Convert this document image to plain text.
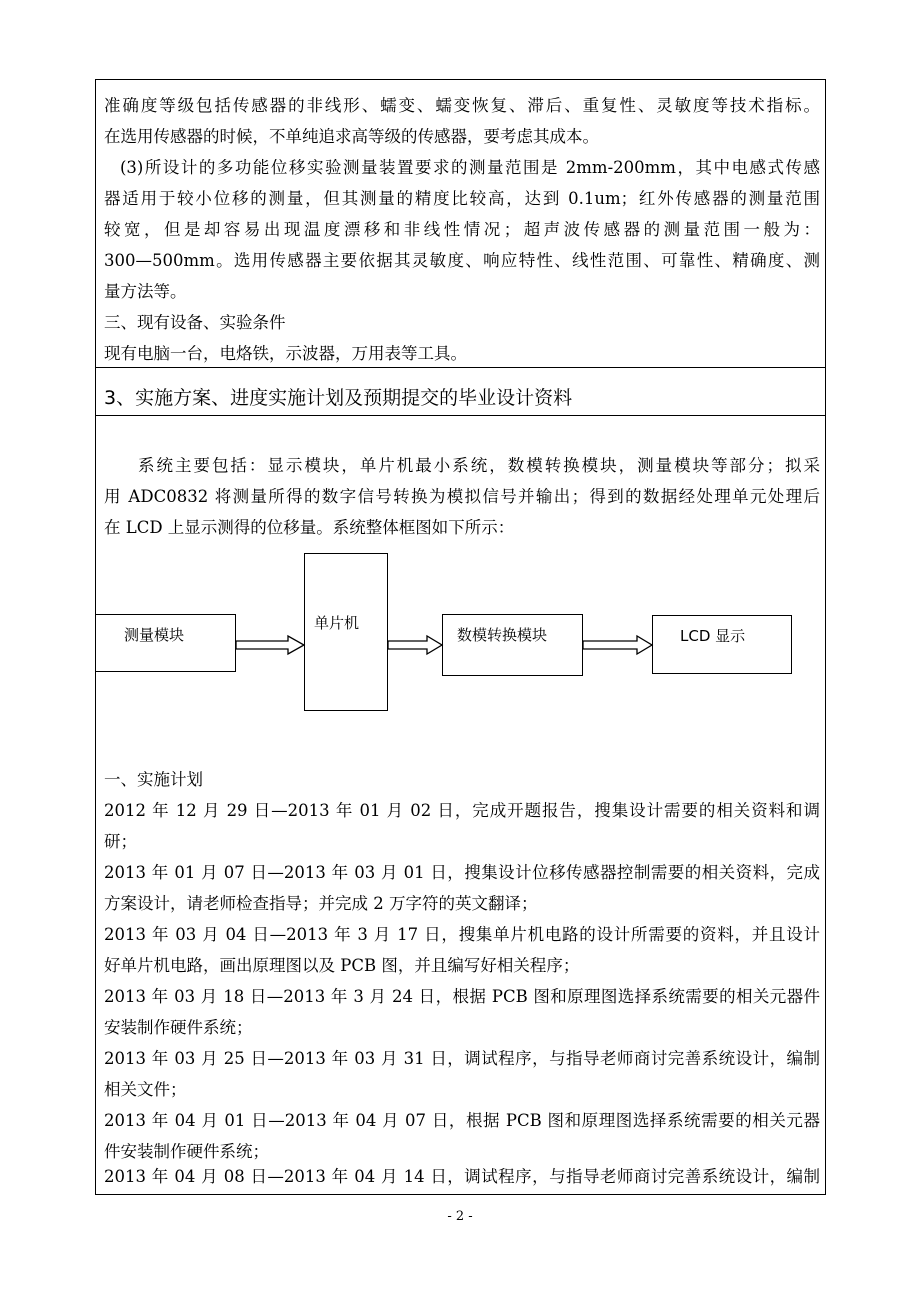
准确度等级包括传感器的非线形、蠕变、蠕变恢复、滞后、重复性、灵敏度等技术指标。
在选用传感器的时候，不单纯追求高等级的传感器，要考虑其成本。
(3)所设计的多功能位移实验测量装置要求的测量范围是 2mm-200mm，其中电感式传感
器适用于较小位移的测量，但其测量的精度比较高，达到 0.1um；红外传感器的测量范围
较宽，但是却容易出现温度漂移和非线性情况；超声波传感器的测量范围一般为：
300—500mm。选用传感器主要依据其灵敏度、响应特性、线性范围、可靠性、精确度、测
量方法等。
三、现有设备、实验条件
现有电脑一台，电烙铁，示波器，万用表等工具。
3、实施方案、进度实施计划及预期提交的毕业设计资料
系统主要包括：显示模块，单片机最小系统，数模转换模块，测量模块等部分；拟采
用 ADC0832 将测量所得的数字信号转换为模拟信号并输出；得到的数据经处理单元处理后
在 LCD 上显示测得的位移量。系统整体框图如下所示：
测量模块
单片机
数模转换模块	LCD 显示
一、实施计划
2012 年 12 月 29 日—2013 年 01 月 02 日，完成开题报告，搜集设计需要的相关资料和调
研；
2013 年 01 月 07 日—2013 年 03 月 01 日，搜集设计位移传感器控制需要的相关资料，完成
方案设计，请老师检查指导；并完成 2 万字符的英文翻译；
2013 年 03 月 04 日—2013 年 3 月 17 日，搜集单片机电路的设计所需要的资料，并且设计
好单片机电路，画出原理图以及 PCB 图，并且编写好相关程序；
2013 年 03 月 18 日—2013 年 3 月 24 日，根据 PCB 图和原理图选择系统需要的相关元器件
安装制作硬件系统；
2013 年 03 月 25 日—2013 年 03 月 31 日，调试程序，与指导老师商讨完善系统设计，编制
相关文件；
2013 年 04 月 01 日—2013 年 04 月 07 日，根据 PCB 图和原理图选择系统需要的相关元器
件安装制作硬件系统；
2013 年 04 月 08 日—2013 年 04 月 14 日，调试程序，与指导老师商讨完善系统设计，编制
- 2 -
